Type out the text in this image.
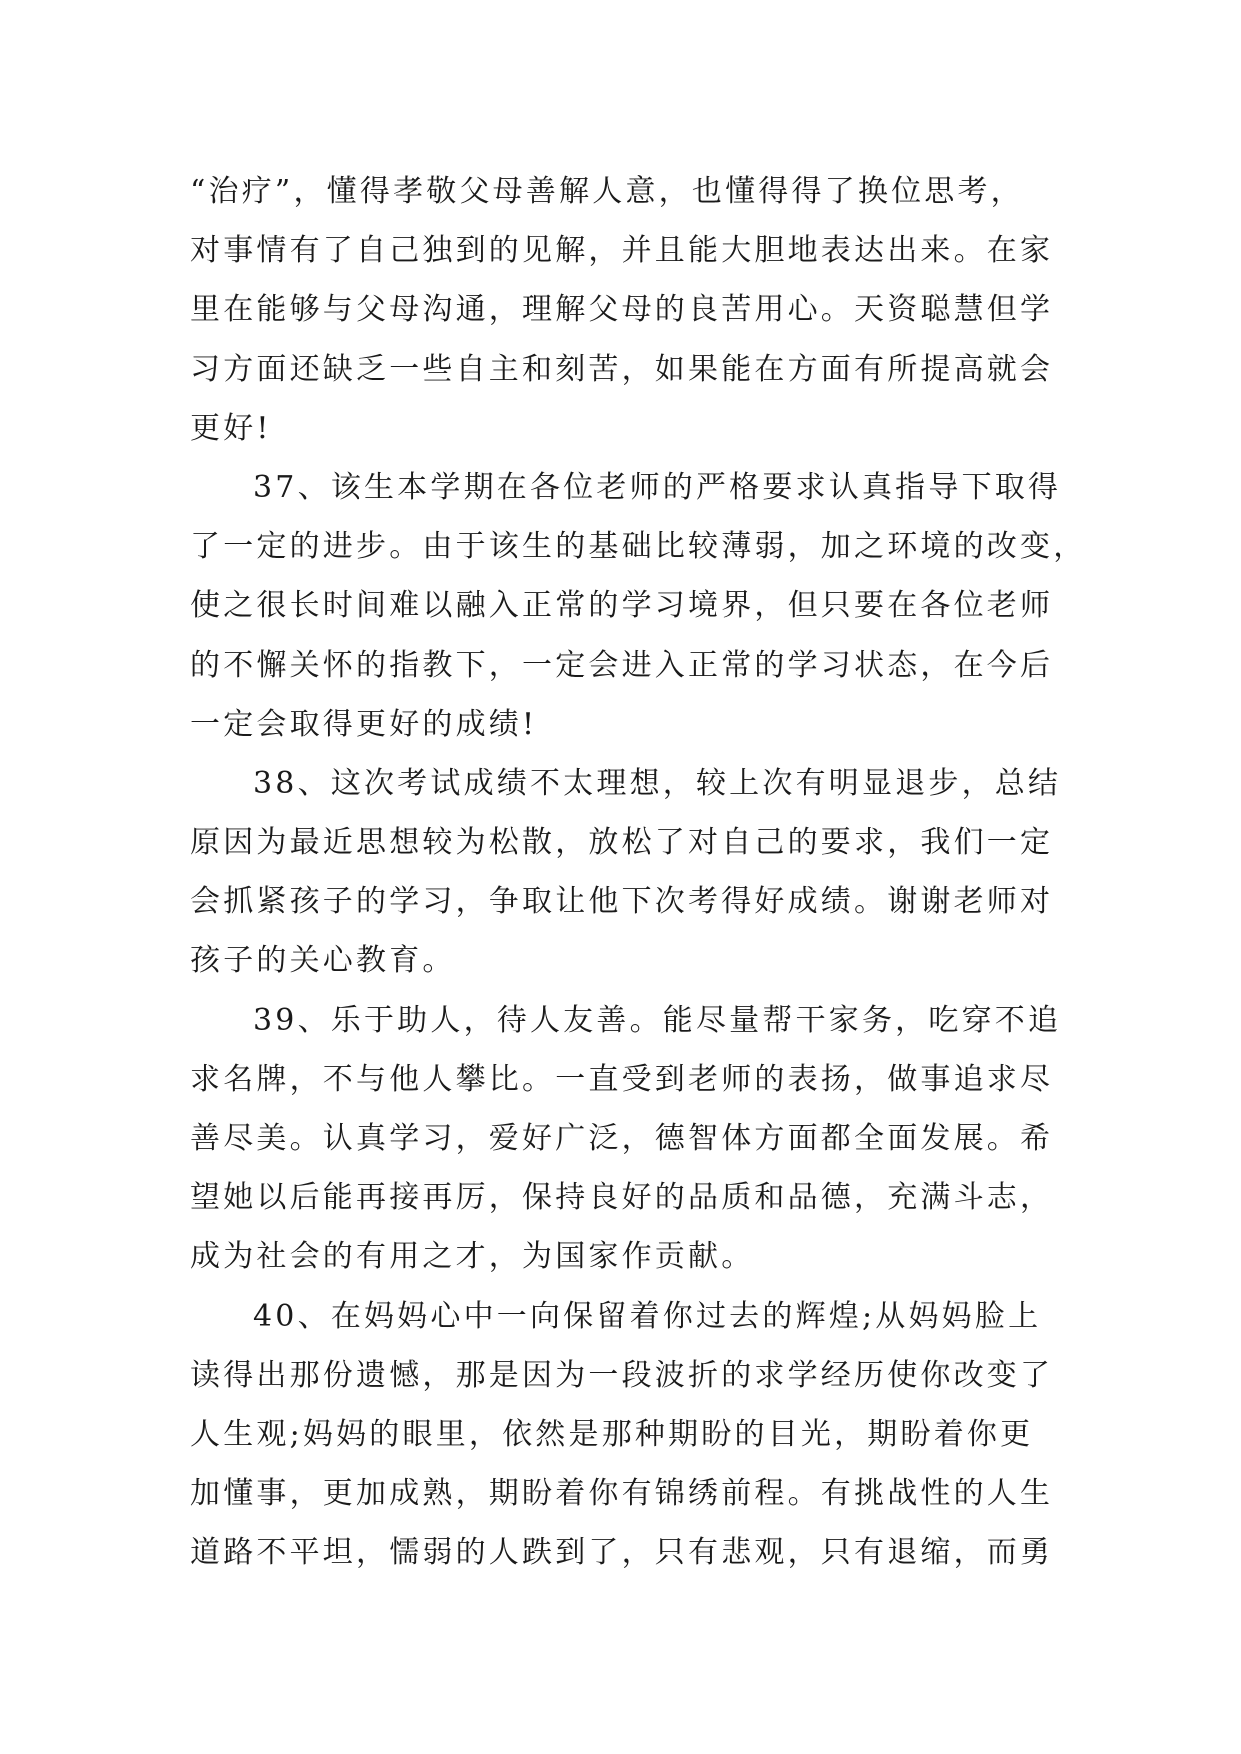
“治疗”，懂得孝敬父母善解人意，也懂得得了换位思考，
对事情有了自己独到的见解，并且能大胆地表达出来。在家
里在能够与父母沟通，理解父母的良苦用心。天资聪慧但学
习方面还缺乏一些自主和刻苦，如果能在方面有所提高就会
更好!
37、该生本学期在各位老师的严格要求认真指导下取得
了一定的进步。由于该生的基础比较薄弱，加之环境的改变，
使之很长时间难以融入正常的学习境界，但只要在各位老师
的不懈关怀的指教下，一定会进入正常的学习状态，在今后
一定会取得更好的成绩!
38、这次考试成绩不太理想，较上次有明显退步，总结
原因为最近思想较为松散，放松了对自己的要求，我们一定
会抓紧孩子的学习，争取让他下次考得好成绩。谢谢老师对
孩子的关心教育。
39、乐于助人，待人友善。能尽量帮干家务，吃穿不追
求名牌，不与他人攀比。一直受到老师的表扬，做事追求尽
善尽美。认真学习，爱好广泛，德智体方面都全面发展。希
望她以后能再接再厉，保持良好的品质和品德，充满斗志，
成为社会的有用之才，为国家作贡献。
40、在妈妈心中一向保留着你过去的辉煌;从妈妈脸上
读得出那份遗憾，那是因为一段波折的求学经历使你改变了
人生观;妈妈的眼里，依然是那种期盼的目光，期盼着你更
加懂事，更加成熟，期盼着你有锦绣前程。有挑战性的人生
道路不平坦，懦弱的人跌到了，只有悲观，只有退缩，而勇
